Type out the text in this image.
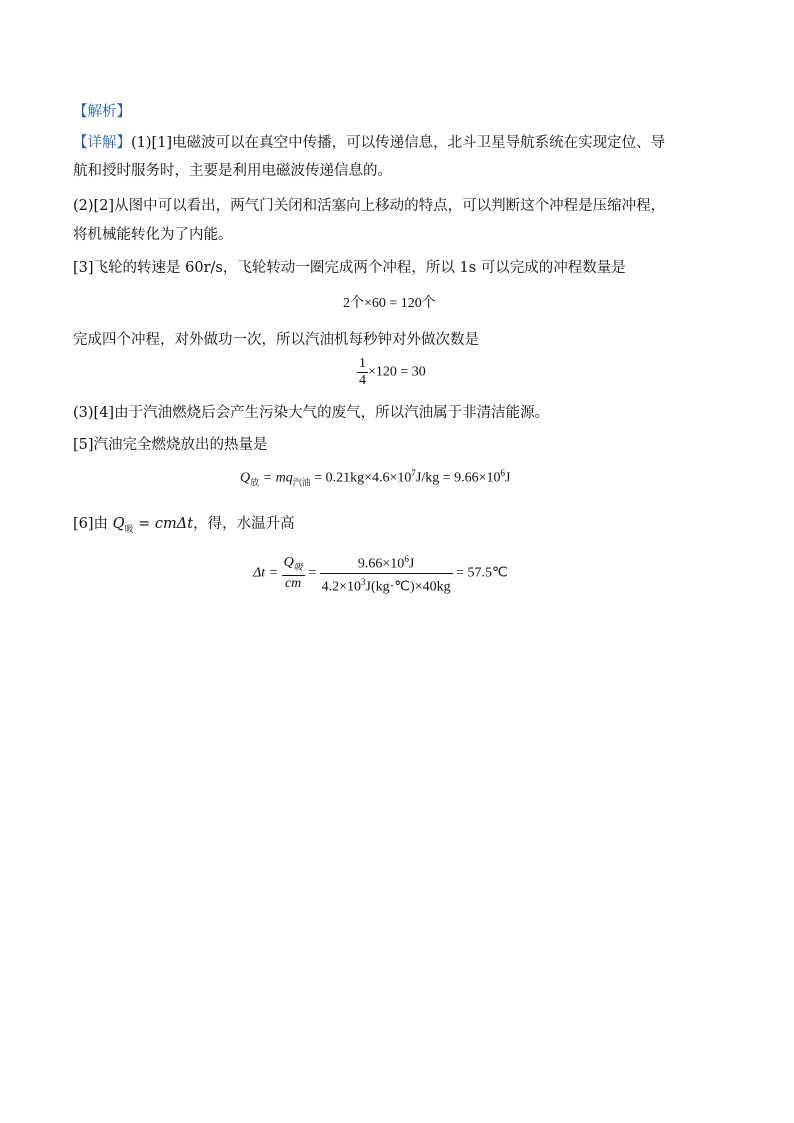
【解析】
【详解】(1)[1]电磁波可以在真空中传播，可以传递信息，北斗卫星导航系统在实现定位、导
航和授时服务时，主要是利用电磁波传递信息的。
(2)[2]从图中可以看出，两气门关闭和活塞向上移动的特点，可以判断这个冲程是压缩冲程，
将机械能转化为了内能。
[3]飞轮的转速是 60r/s，飞轮转动一圈完成两个冲程，所以 1s 可以完成的冲程数量是
2个×60 = 120个
完成四个冲程，对外做功一次，所以汽油机每秒钟对外做次数是
$\frac{1}{4} \times 120 = 30$
(3)[4]由于汽油燃烧后会产生污染大气的废气，所以汽油属于非清洁能源。
[5]汽油完全燃烧放出的热量是
$Q_放 = mq_{汽油} = 0.21kg\times 4.6\times 10^7J/kg = 9.66\times 10^6J$
[6]由 $Q_吸 = cm\Delta t$，得，水温升高
$\Delta t = \frac{Q_吸}{cm} = \frac{9.66\times 10^6J}{4.2\times 10^3J(kg\cdot℃)\times 40kg}$ = 57.5℃
